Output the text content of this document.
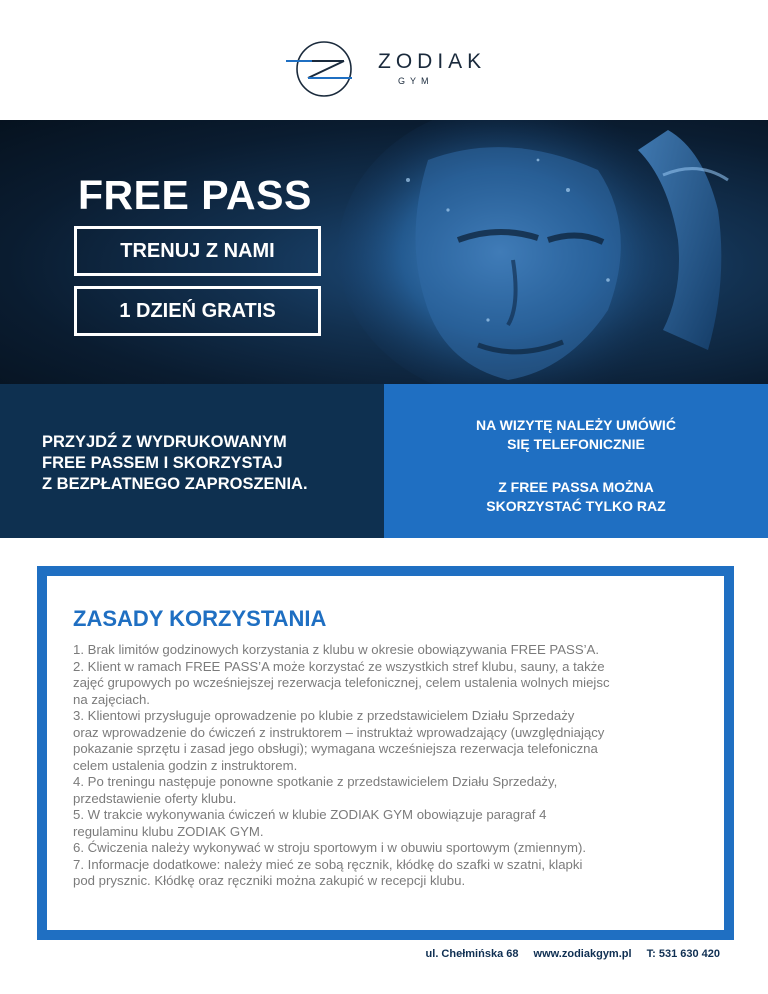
ZODIAK
GYM
FREE PASS
TRENUJ Z NAMI
1 DZIEŃ GRATIS
PRZYJDŹ Z WYDRUKOWANYM
FREE PASSEM I SKORZYSTAJ
Z BEZPŁATNEGO ZAPROSZENIA.
NA WIZYTĘ NALEŻY UMÓWIĆ
SIĘ TELEFONICZNIE
Z FREE PASSA MOŻNA
SKORZYSTAĆ TYLKO RAZ
ZASADY KORZYSTANIA
1. Brak limitów godzinowych korzystania z klubu w okresie obowiązywania FREE PASS’A.
2. Klient w ramach FREE PASS’A może korzystać ze wszystkich stref klubu, sauny, a także
zajęć grupowych po wcześniejszej rezerwacja telefonicznej, celem ustalenia wolnych miejsc
na zajęciach.
3. Klientowi przysługuje oprowadzenie po klubie z przedstawicielem Działu Sprzedaży
oraz wprowadzenie do ćwiczeń z instruktorem – instruktaż wprowadzający (uwzględniający
pokazanie sprzętu i zasad jego obsługi); wymagana wcześniejsza rezerwacja telefoniczna
celem ustalenia godzin z instruktorem.
4. Po treningu następuje ponowne spotkanie z przedstawicielem Działu Sprzedaży,
przedstawienie oferty klubu.
5. W trakcie wykonywania ćwiczeń w klubie ZODIAK GYM obowiązuje paragraf 4
regulaminu klubu ZODIAK GYM.
6. Ćwiczenia należy wykonywać w stroju sportowym i w obuwiu sportowym (zmiennym).
7. Informacje dodatkowe: należy mieć ze sobą ręcznik, kłódkę do szafki w szatni, klapki
pod prysznic. Kłódkę oraz ręczniki można zakupić w recepcji klubu.
ul. Chełmińska 68 www.zodiakgym.pl T: 531 630 420
